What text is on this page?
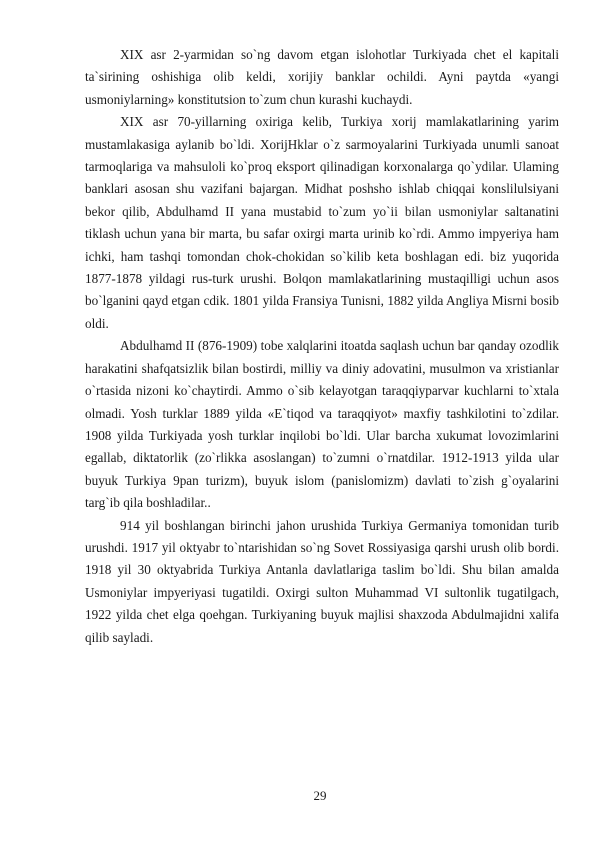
XIX asr 2-yarmidan so`ng davom etgan islohotlar Turkiyada chet el kapitali ta`sirining oshishiga olib keldi, xorijiy banklar ochildi. Ayni paytda «yangi usmoniylarning» konstitutsion to`zum chun kurashi kuchaydi.

XIX asr 70-yillarning oxiriga kelib, Turkiya xorij mamlakatlarining yarim mustamlakasiga aylanib bo`ldi. XorijHklar o`z sarmoyalarini Turkiyada unumli sanoat tarmoqlariga va mahsuloli ko`proq eksport qilinadigan korxonalarga qo`ydilar. Ulaming banklari asosan shu vazifani bajargan. Midhat poshsho ishlab chiqqai konslilulsiyani bekor qilib, Abdulhamd II yana mustabid to`zum yo`ii bilan usmoniylar saltanatini tiklash uchun yana bir marta, bu safar oxirgi marta urinib ko`rdi. Ammo impyeriya ham ichki, ham tashqi tomondan chok-chokidan so`kilib keta boshlagan edi. biz yuqorida 1877-1878 yildagi rus-turk urushi. Bolqon mamlakatlarining mustaqilligi uchun asos bo`lganini qayd etgan cdik. 1801 yilda Fransiya Tunisni, 1882 yilda Angliya Misrni bosib oldi.

Abdulhamd II (876-1909) tobe xalqlarini itoatda saqlash uchun bar qanday ozodlik harakatini shafqatsizlik bilan bostirdi, milliy va diniy adovatini, musulmon va xristianlar o`rtasida nizoni ko`chaytirdi. Ammo o`sib kelayotgan taraqqiyparvar kuchlarni to`xtala olmadi. Yosh turklar 1889 yilda «E`tiqod va taraqqiyot» maxfiy tashkilotini to`zdilar. 1908 yilda Turkiyada yosh turklar inqilobi bo`ldi. Ular barcha xukumat lovozimlarini egallab, diktatorlik (zo`rlikka asoslangan) to`zumni o`rnatdilar. 1912-1913 yilda ular buyuk Turkiya 9pan turizm), buyuk islom (panislomizm) davlati to`zish g`oyalarini targ`ib qila boshladilar..

914 yil boshlangan birinchi jahon urushida Turkiya Germaniya tomonidan turib urushdi. 1917 yil oktyabr to`ntarishidan so`ng Sovet Rossiyasiga qarshi urush olib bordi. 1918 yil 30 oktyabrida Turkiya Antanla davlatlariga taslim bo`ldi. Shu bilan amalda Usmoniylar impyeriyasi tugatildi. Oxirgi sulton Muhammad VI sultonlik tugatilgach, 1922 yilda chet elga qoehgan. Turkiyaning buyuk majlisi shaxzoda Abdulmajidni xalifa qilib sayladi.

29
